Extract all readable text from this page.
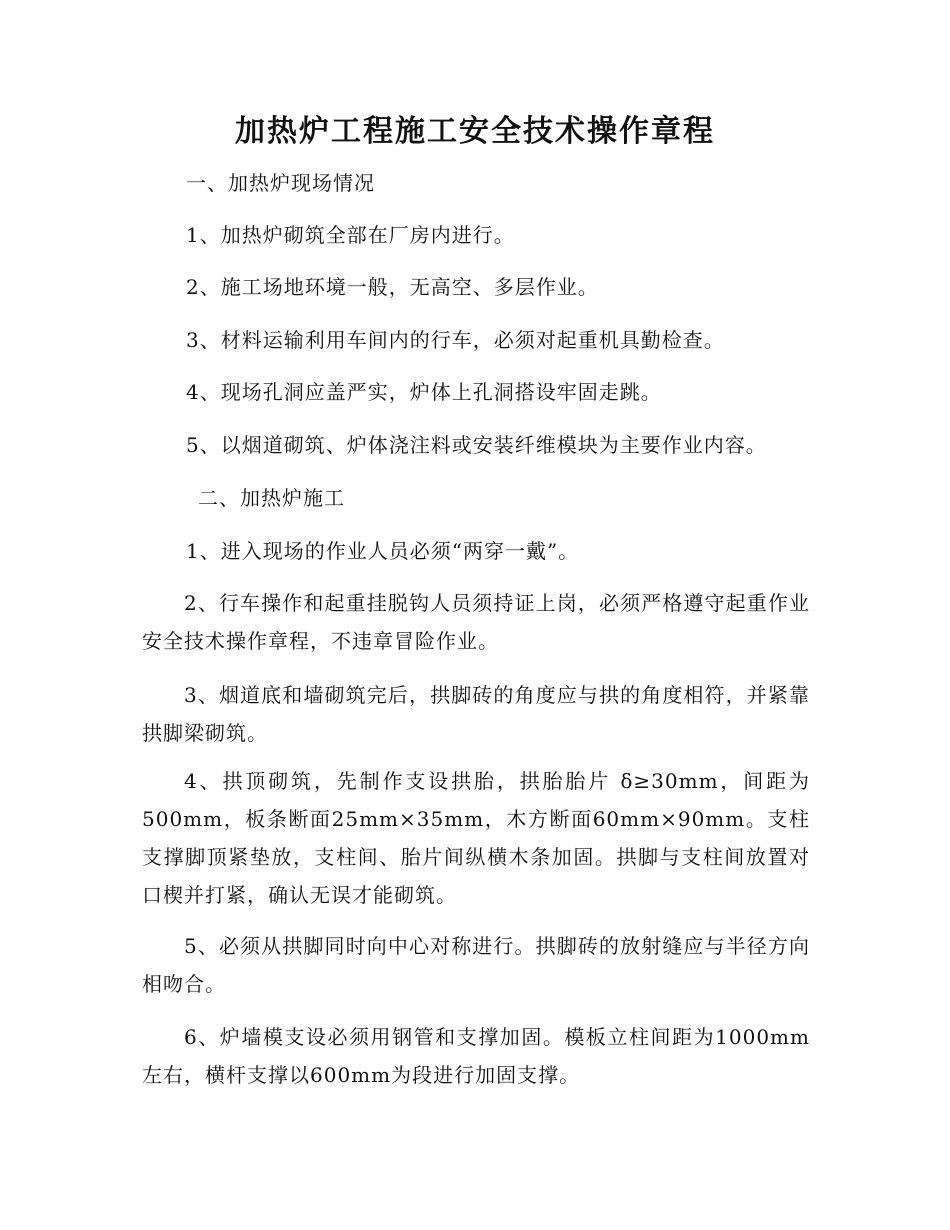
加热炉工程施工安全技术操作章程
一、加热炉现场情况
1、加热炉砌筑全部在厂房内进行。
2、施工场地环境一般，无高空、多层作业。
3、材料运输利用车间内的行车，必须对起重机具勤检查。
4、现场孔洞应盖严实，炉体上孔洞搭设牢固走跳。
5、以烟道砌筑、炉体浇注料或安装纤维模块为主要作业内容。
二、加热炉施工
1、进入现场的作业人员必须“两穿一戴”。
2、行车操作和起重挂脱钩人员须持证上岗，必须严格遵守起重作业安全技术操作章程，不违章冒险作业。
3、烟道底和墙砌筑完后，拱脚砖的角度应与拱的角度相符，并紧靠拱脚梁砌筑。
4、拱顶砌筑，先制作支设拱胎，拱胎胎片 δ≥30mm，间距为500mm，板条断面25mm×35mm，木方断面60mm×90mm。支柱支撑脚顶紧垫放，支柱间、胎片间纵横木条加固。拱脚与支柱间放置对口楔并打紧，确认无误才能砌筑。
5、必须从拱脚同时向中心对称进行。拱脚砖的放射缝应与半径方向相吻合。
6、炉墙模支设必须用钢管和支撑加固。模板立柱间距为1000mm左右，横杆支撑以600mm为段进行加固支撑。
